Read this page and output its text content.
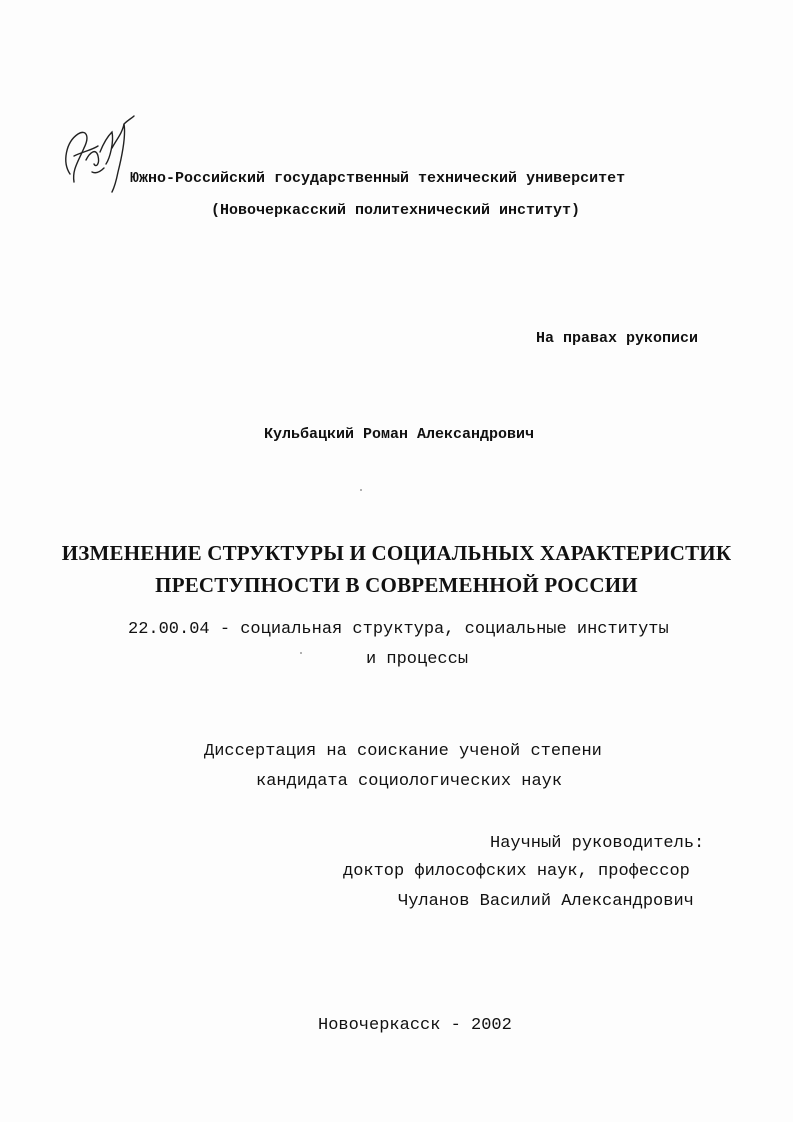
Южно-Российский государственный технический университет
(Новочеркасский политехнический институт)
На правах рукописи
Кульбацкий Роман Александрович
ИЗМЕНЕНИЕ СТРУКТУРЫ И СОЦИАЛЬНЫХ ХАРАКТЕРИСТИК
ПРЕСТУПНОСТИ В СОВРЕМЕННОЙ РОССИИ
22.00.04 - социальная структура, социальные институты
и процессы
Диссертация на соискание ученой степени
кандидата социологических наук
Научный руководитель:
доктор философских наук, профессор
Чуланов Василий Александрович
Новочеркасск - 2002
